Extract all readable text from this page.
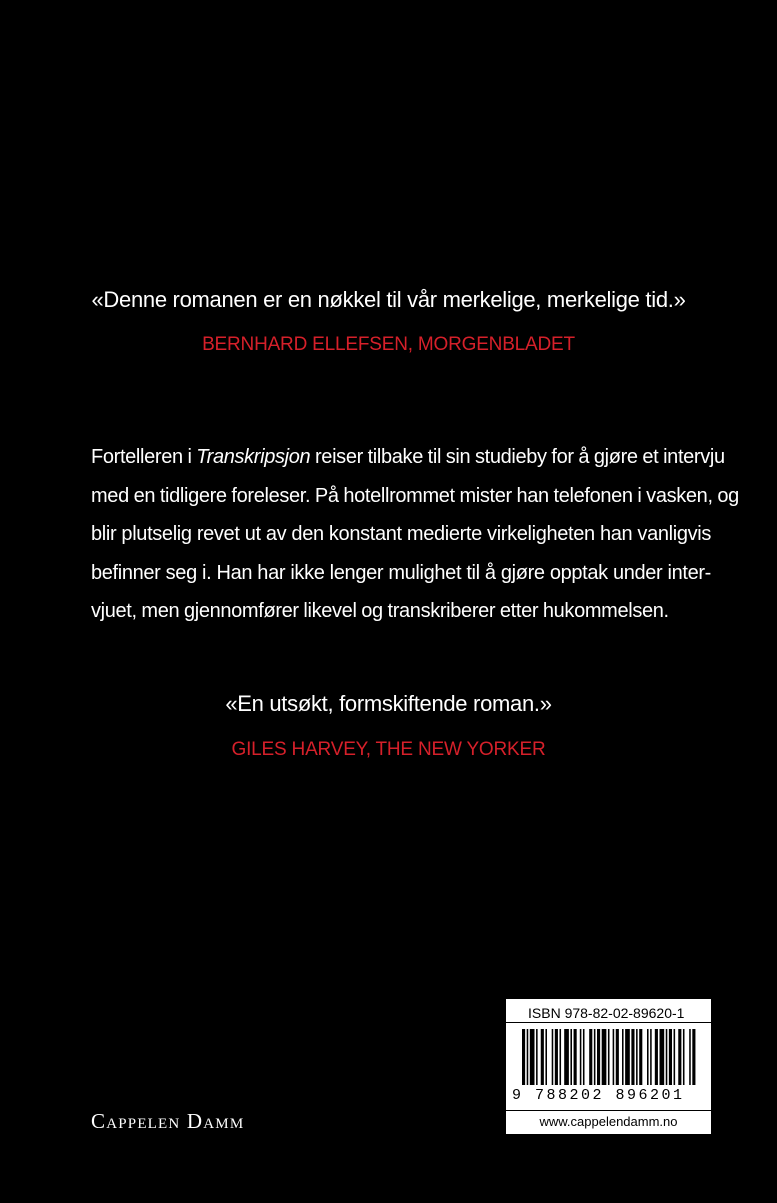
«Denne romanen er en nøkkel til vår merkelige, merkelige tid.»
BERNHARD ELLEFSEN, MORGENBLADET
Fortelleren i Transkripsjon reiser tilbake til sin studieby for å gjøre et intervju
med en tidligere foreleser. På hotellrommet mister han telefonen i vasken, og
blir plutselig revet ut av den konstant medierte virkeligheten han vanligvis
befinner seg i. Han har ikke lenger mulighet til å gjøre opptak under inter-
vjuet, men gjennomfører likevel og transkriberer etter hukommelsen.
«En utsøkt, formskiftende roman.»
GILES HARVEY, THE NEW YORKER
Cappelen Damm
ISBN 978-82-02-89620-1
9 788202 896201
www.cappelendamm.no
